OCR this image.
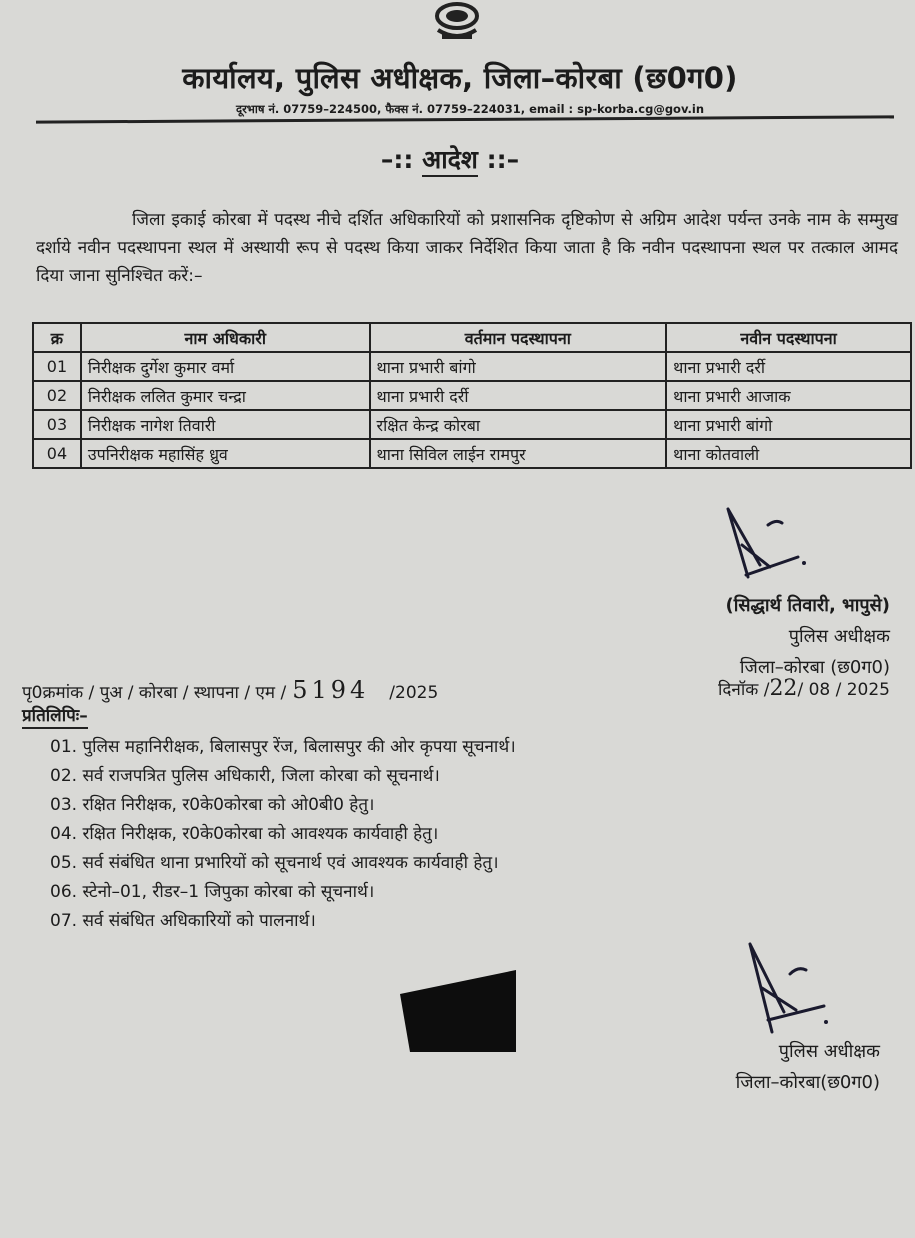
कार्यालय, पुलिस अधीक्षक, जिला–कोरबा (छ0ग0)
दूरभाष नं. 07759–224500, फैक्स नं. 07759–224031, email : sp-korba.cg@gov.in
–:: आदेश ::–
जिला इकाई कोरबा में पदस्थ नीचे दर्शित अधिकारियों को प्रशासनिक दृष्टिकोण से अग्रिम आदेश पर्यन्त उनके नाम के सम्मुख दर्शाये नवीन पदस्थापना स्थल में अस्थायी रूप से पदस्थ किया जाकर निर्देशित किया जाता है कि नवीन पदस्थापना स्थल पर तत्काल आमद दिया जाना सुनिश्चित करें:–
क्र	नाम अधिकारी	वर्तमान पदस्थापना	नवीन पदस्थापना
01	निरीक्षक दुर्गेश कुमार वर्मा	थाना प्रभारी बांगो	थाना प्रभारी दर्री
02	निरीक्षक ललित कुमार चन्द्रा	थाना प्रभारी दर्री	थाना प्रभारी आजाक
03	निरीक्षक नागेश तिवारी	रक्षित केन्द्र कोरबा	थाना प्रभारी बांगो
04	उपनिरीक्षक महासिंह ध्रुव	थाना सिविल लाईन रामपुर	थाना कोतवाली
(सिद्धार्थ तिवारी, भापुसे)
पुलिस अधीक्षक
जिला–कोरबा (छ0ग0)
पृ0क्रमांक / पुअ / कोरबा / स्थापना / एम / 5194 /2025	दिनॉक /22/ 08 / 2025
प्रतिलिपिः–
01. पुलिस महानिरीक्षक, बिलासपुर रेंज, बिलासपुर की ओर कृपया सूचनार्थ।
02. सर्व राजपत्रित पुलिस अधिकारी, जिला कोरबा को सूचनार्थ।
03. रक्षित निरीक्षक, र0के0कोरबा को ओ0बी0 हेतु।
04. रक्षित निरीक्षक, र0के0कोरबा को आवश्यक कार्यवाही हेतु।
05. सर्व संबंधित थाना प्रभारियों को सूचनार्थ एवं आवश्यक कार्यवाही हेतु।
06. स्टेनो–01, रीडर–1 जिपुका कोरबा को सूचनार्थ।
07. सर्व संबंधित अधिकारियों को पालनार्थ।
पुलिस अधीक्षक
जिला–कोरबा(छ0ग0)
